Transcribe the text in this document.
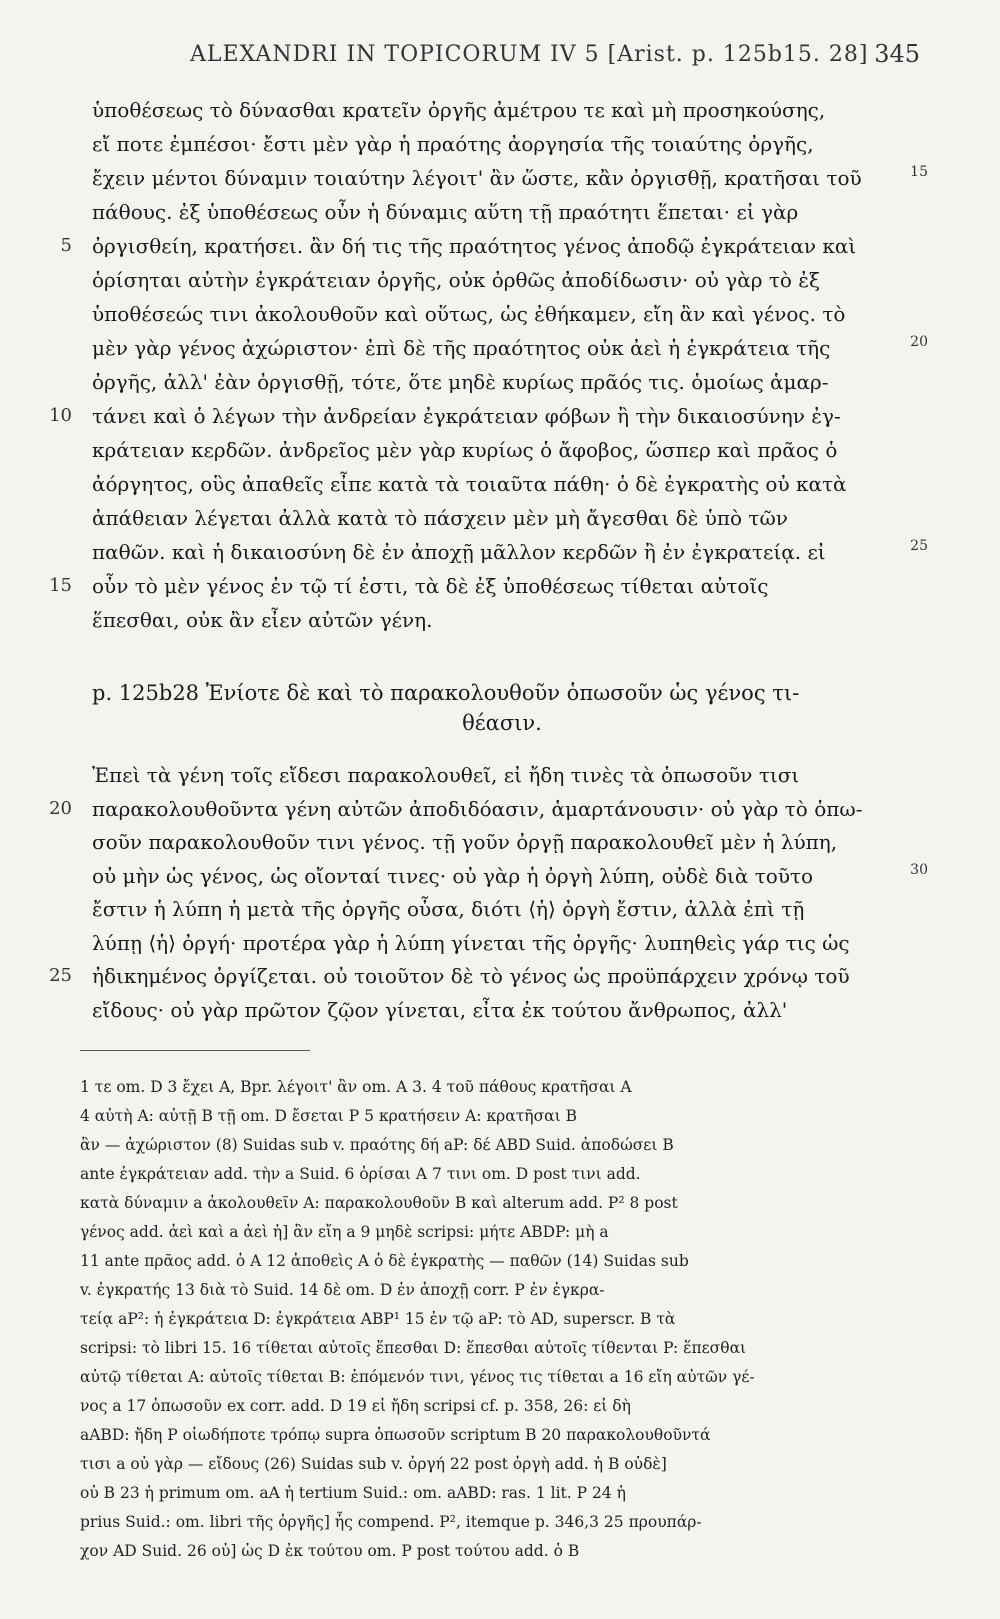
ALEXANDRI IN TOPICORUM IV 5 [Arist. p. 125b15. 28] 345
ὑποθέσεως τὸ δύνασθαι κρατεῖν ὀργῆς ἀμέτρου τε καὶ μὴ προσηκούσης,
εἴ ποτε ἐμπέσοι· ἔστι μὲν γὰρ ἡ πραότης ἀοργησία τῆς τοιαύτης ὀργῆς,
ἔχειν μέντοι δύναμιν τοιαύτην λέγοιτ' ἂν ὥστε, κἂν ὀργισθῇ, κρατῆσαι τοῦ	15
πάθους. ἐξ ὑποθέσεως οὖν ἡ δύναμις αὕτη τῇ πραότητι ἕπεται· εἰ γὰρ
5 ὀργισθείη, κρατήσει. ἂν δή τις τῆς πραότητος γένος ἀποδῷ ἐγκράτειαν καὶ
ὁρίσηται αὐτὴν ἐγκράτειαν ὀργῆς, οὐκ ὀρθῶς ἀποδίδωσιν· οὐ γὰρ τὸ ἐξ
ὑποθέσεώς τινι ἀκολουθοῦν καὶ οὕτως, ὡς ἐθήκαμεν, εἴη ἂν καὶ γένος. τὸ
μὲν γὰρ γένος ἀχώριστον· ἐπὶ δὲ τῆς πραότητος οὐκ ἀεὶ ἡ ἐγκράτεια τῆς	20
ὀργῆς, ἀλλ' ἐὰν ὀργισθῇ, τότε, ὅτε μηδὲ κυρίως πρᾶός τις. ὁμοίως ἁμαρ-
10 τάνει καὶ ὁ λέγων τὴν ἀνδρείαν ἐγκράτειαν φόβων ἢ τὴν δικαιοσύνην ἐγ-
κράτειαν κερδῶν. ἀνδρεῖος μὲν γὰρ κυρίως ὁ ἄφοβος, ὥσπερ καὶ πρᾶος ὁ
ἀόργητος, οὓς ἀπαθεῖς εἶπε κατὰ τὰ τοιαῦτα πάθη· ὁ δὲ ἐγκρατὴς οὐ κατὰ
ἀπάθειαν λέγεται ἀλλὰ κατὰ τὸ πάσχειν μὲν μὴ ἄγεσθαι δὲ ὑπὸ τῶν
παθῶν. καὶ ἡ δικαιοσύνη δὲ ἐν ἀποχῇ μᾶλλον κερδῶν ἢ ἐν ἐγκρατείᾳ. εἰ	25
15 οὖν τὸ μὲν γένος ἐν τῷ τί ἐστι, τὰ δὲ ἐξ ὑποθέσεως τίθεται αὐτοῖς
ἕπεσθαι, οὐκ ἂν εἶεν αὐτῶν γένη.
p. 125b28 Ἐνίοτε δὲ καὶ τὸ παρακολουθοῦν ὁπωσοῦν ὡς γένος τι-
θέασιν.
Ἐπεὶ τὰ γένη τοῖς εἴδεσι παρακολουθεῖ, εἰ ἤδη τινὲς τὰ ὁπωσοῦν τισι
20 παρακολουθοῦντα γένη αὐτῶν ἀποδιδόασιν, ἁμαρτάνουσιν· οὐ γὰρ τὸ ὁπω-
σοῦν παρακολουθοῦν τινι γένος. τῇ γοῦν ὀργῇ παρακολουθεῖ μὲν ἡ λύπη,
οὐ μὴν ὡς γένος, ὡς οἴονταί τινες· οὐ γὰρ ἡ ὀργὴ λύπη, οὐδὲ διὰ τοῦτο	30
ἔστιν ἡ λύπη ἡ μετὰ τῆς ὀργῆς οὖσα, διότι ⟨ἡ⟩ ὀργὴ ἔστιν, ἀλλὰ ἐπὶ τῇ
λύπῃ ⟨ἡ⟩ ὀργή· προτέρα γὰρ ἡ λύπη γίνεται τῆς ὀργῆς· λυπηθεὶς γάρ τις ὡς
25 ἠδικημένος ὀργίζεται. οὐ τοιοῦτον δὲ τὸ γένος ὡς προϋπάρχειν χρόνῳ τοῦ
εἴδους· οὐ γὰρ πρῶτον ζῷον γίνεται, εἶτα ἐκ τούτου ἄνθρωπος, ἀλλ'
1 τε om. D 3 ἔχει A, Bpr. λέγοιτ' ἂν om. A 3. 4 τοῦ πάθους κρατῆσαι A
4 αὐτὴ A: αὐτῇ B τῇ om. D ἔσεται P 5 κρατήσειν A: κρατῆσαι B
ἂν — ἀχώριστον (8) Suidas sub v. πραότης δή aP: δέ ABD Suid. ἀποδώσει B
ante ἐγκράτειαν add. τὴν a Suid. 6 ὁρίσαι A 7 τινι om. D post τινι add.
κατὰ δύναμιν a ἀκολουθεῖν A: παρακολουθοῦν B καὶ alterum add. P² 8 post
γένος add. ἀεὶ καὶ a ἀεὶ ἡ] ἂν εἴη a 9 μηδὲ scripsi: μήτε ABDP: μὴ a
11 ante πρᾶος add. ὁ A 12 ἀποθεὶς A ὁ δὲ ἐγκρατὴς — παθῶν (14) Suidas sub
v. ἐγκρατής 13 διὰ τὸ Suid. 14 δὲ om. D ἐν ἀποχῇ corr. P ἐν ἐγκρα-
τείᾳ aP²: ἡ ἐγκράτεια D: ἐγκράτεια ABP¹ 15 ἐν τῷ aP: τὸ AD, superscr. B τὰ
scripsi: τὸ libri 15. 16 τίθεται αὐτοῖς ἕπεσθαι D: ἕπεσθαι αὐτοῖς τίθενται P: ἕπεσθαι
αὐτῷ τίθεται A: αὐτοῖς τίθεται B: ἑπόμενόν τινι, γένος τις τίθεται a 16 εἴη αὐτῶν γέ-
νος a 17 ὁπωσοῦν ex corr. add. D 19 εἰ ἤδη scripsi cf. p. 358, 26: εἰ δὴ
aABD: ἤδη P οἱωδήποτε τρόπῳ supra ὁπωσοῦν scriptum B 20 παρακολουθοῦντά
τισι a οὐ γὰρ — εἴδους (26) Suidas sub v. ὀργή 22 post ὀργὴ add. ἡ B οὐδὲ]
οὐ B 23 ἡ primum om. aA ἡ tertium Suid.: om. aABD: ras. 1 lit. P 24 ἡ
prius Suid.: om. libri τῆς ὀργῆς] ἧς compend. P², itemque p. 346,3 25 προυπάρ-
χον AD Suid. 26 οὐ] ὡς D ἐκ τούτου om. P post τούτου add. ὁ B
